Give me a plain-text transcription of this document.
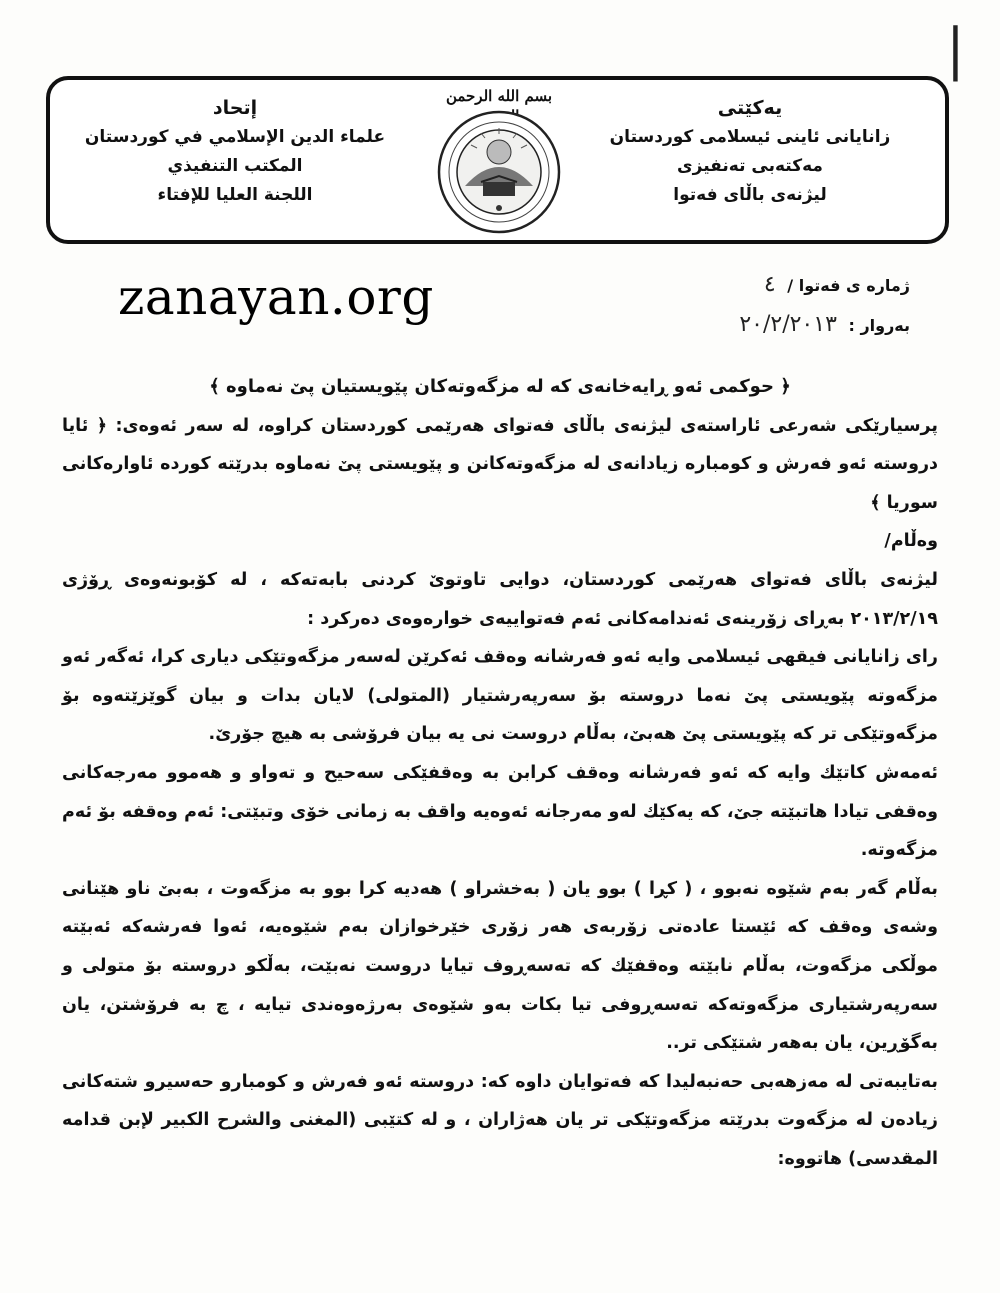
|
یەكێتی
زانایانی ئاینی ئیسلامی كوردستان
مەكتەبی تەنفیزی
لیژنەی باڵای فەتوا
بسم الله الرحمن
إتحاد
علماء الدين الإسلامي في كوردستان
المكتب التنفيذي
اللجنة العليا للإفتاء
ژمارە ی فەتوا / ٤
بەروار : ٢٠/٢/٢٠١٣
zanayan.org

﴿ حوكمی ئەو ڕایەخانەی كە لە مزگەوتەكان پێویستیان پێ نەماوە ﴾

پرسیارێكی شەرعی ئاراستەی لیژنەی باڵای فەتوای هەرێمی كوردستان كراوە، لە سەر ئەوەی: ﴿ ئایا دروستە ئەو فەرش و كومبارە زیادانەی لە مزگەوتەكانن و پێویستی پێ نەماوە بدرێتە كوردە ئاوارەكانی سوریا ﴾

وەڵام/

لیژنەی باڵای فەتوای هەرێمی كوردستان، دوایی تاوتوێ كردنی بابەتەكە ، لە كۆبونەوەی ڕۆژی ٢٠١٣/٢/١٩ بەڕای زۆرینەی ئەندامەكانی ئەم فەتواییەی خوارەوەی دەركرد :

رای زانایانی فیقهی ئیسلامی وایە ئەو فەرشانە وەقف ئەكرێن لەسەر مزگەوتێكی دیاری كرا، ئەگەر ئەو مزگەوتە پێویستی پێ نەما دروستە بۆ سەرپەرشتیار (المتولی) لایان بدات و بیان گوێزێتەوە بۆ مزگەوتێكی تر كە پێویستی پێ هەبێ، بەڵام دروست نی یە بیان فرۆشی بە هیچ جۆرێ.

ئەمەش كاتێك وایە كە ئەو فەرشانە وەقف كرابن بە وەقفێكی سەحیح و تەواو و هەموو مەرجەكانی وەقفی تیادا هاتبێتە جێ، كە یەكێك لەو مەرجانە ئەوەیە واقف بە زمانی خۆی وتبێتی: ئەم وەقفە بۆ ئەم مزگەوتە.

بەڵام گەر بەم شێوە نەبوو ، ( كڕا ) بوو یان ( بەخشراو ) هەدیە كرا بوو بە مزگەوت ، بەبێ ناو هێنانی وشەی وەقف كە ئێستا عادەتی زۆربەی هەر زۆری خێرخوازان بەم شێوەیە، ئەوا فەرشەكە ئەبێتە موڵكی مزگەوت، بەڵام نابێتە وەقفێك كە تەسەڕوف تیایا دروست نەبێت، بەڵكو دروستە بۆ متولی و سەرپەرشتیاری مزگەوتەكە تەسەڕوفی تیا بكات بەو شێوەی بەرژەوەندی تیایە ، چ بە فرۆشتن، یان بەگۆڕین، یان بەهەر شتێكی تر..

بەتایبەتی لە مەزهەبی حەنبەلیدا كە فەتوایان داوە كە: دروستە ئەو فەرش و كومبارو حەسیرو شتەكانی زیادەن لە مزگەوت بدرێتە مزگەوتێكی تر یان هەژاران ، و لە كتێبی (المغنی والشرح الكبیر لإبن قدامه المقدسی) هاتووە:
